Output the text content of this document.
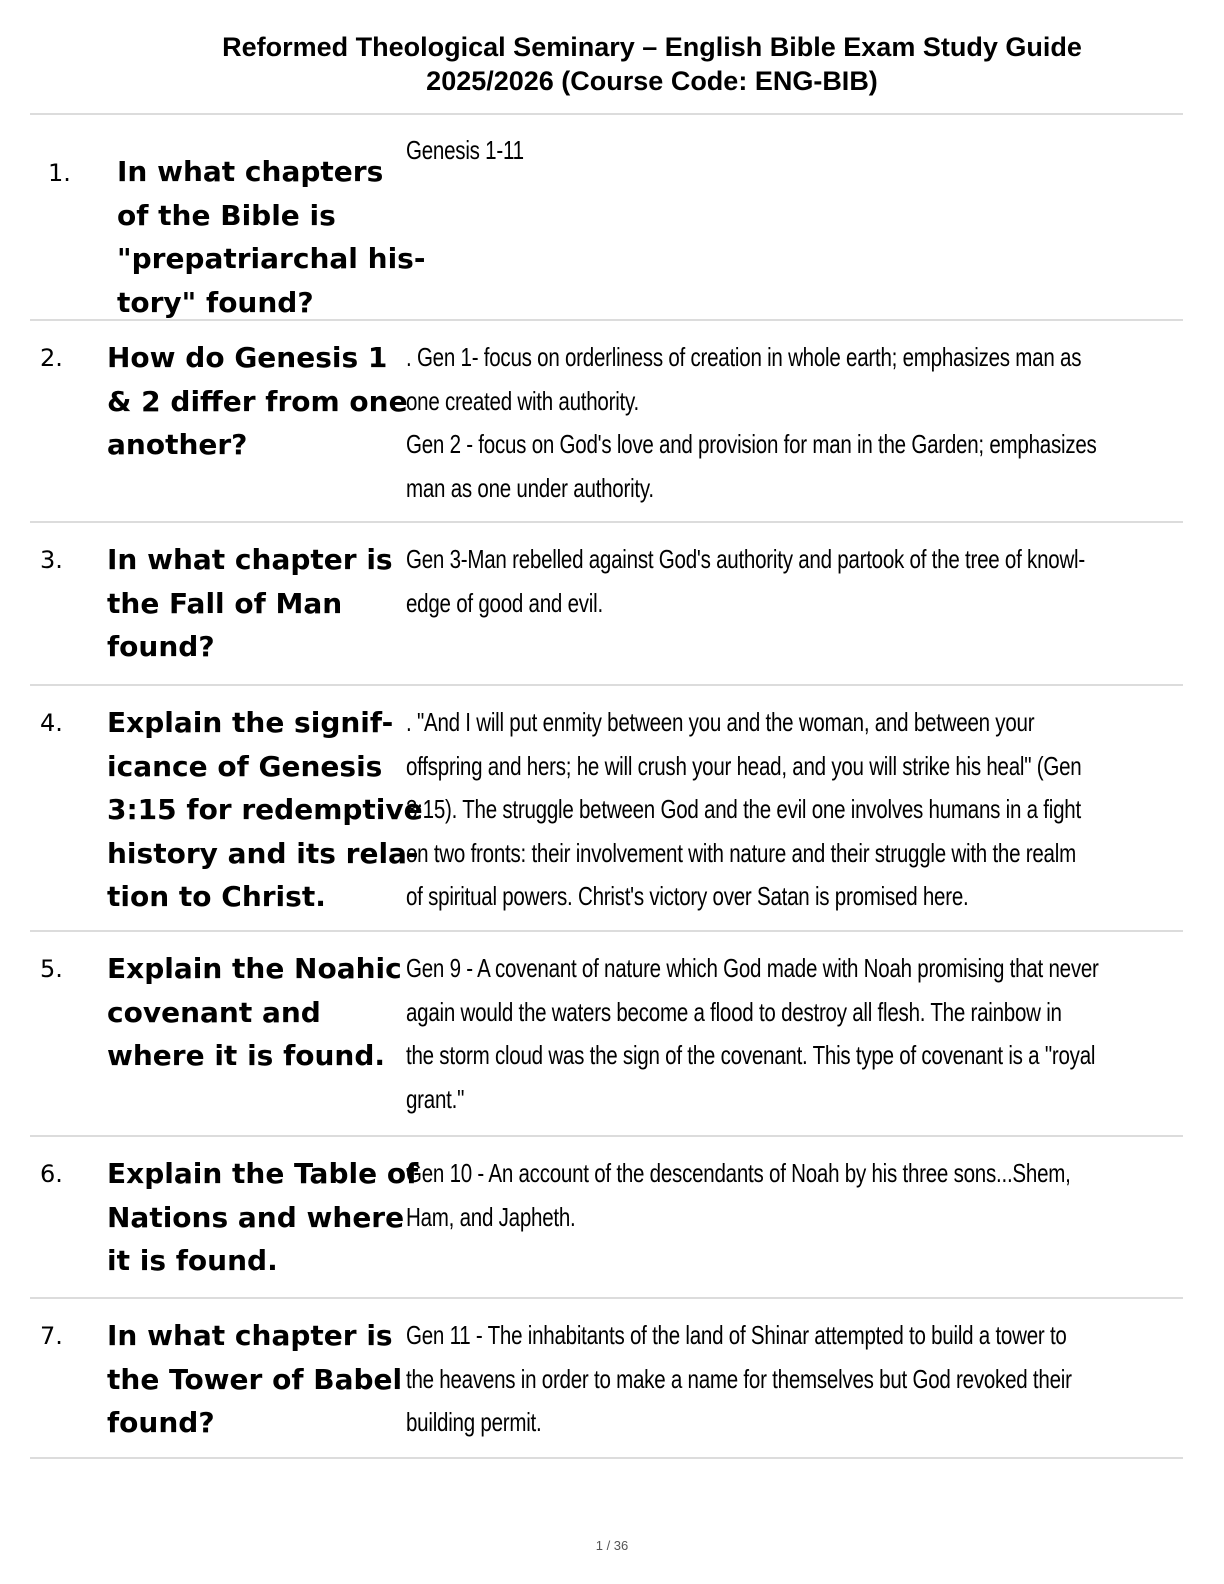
Reformed Theological Seminary – English Bible Exam Study Guide
2025/2026 (Course Code: ENG-BIB)
1. In what chapters
of the Bible is
"prepatriarchal his-
tory" found?
Genesis 1-11
2. How do Genesis 1
& 2 differ from one
another?
. Gen 1- focus on orderliness of creation in whole earth; emphasizes man as
one created with authority.
Gen 2 - focus on God's love and provision for man in the Garden; emphasizes
man as one under authority.
3. In what chapter is
the Fall of Man
found?
Gen 3-Man rebelled against God's authority and partook of the tree of knowl-
edge of good and evil.
4. Explain the signif-
icance of Genesis
3:15 for redemptive
history and its rela-
tion to Christ.
. "And I will put enmity between you and the woman, and between your
offspring and hers; he will crush your head, and you will strike his heal" (Gen
3:15). The struggle between God and the evil one involves humans in a fight
on two fronts: their involvement with nature and their struggle with the realm
of spiritual powers. Christ's victory over Satan is promised here.
5. Explain the Noahic
covenant and
where it is found.
Gen 9 - A covenant of nature which God made with Noah promising that never
again would the waters become a flood to destroy all flesh. The rainbow in
the storm cloud was the sign of the covenant. This type of covenant is a "royal
grant."
6. Explain the Table of
Nations and where
it is found.
Gen 10 - An account of the descendants of Noah by his three sons...Shem,
Ham, and Japheth.
7. In what chapter is
the Tower of Babel
found?
Gen 11 - The inhabitants of the land of Shinar attempted to build a tower to
the heavens in order to make a name for themselves but God revoked their
building permit.
1 / 36
